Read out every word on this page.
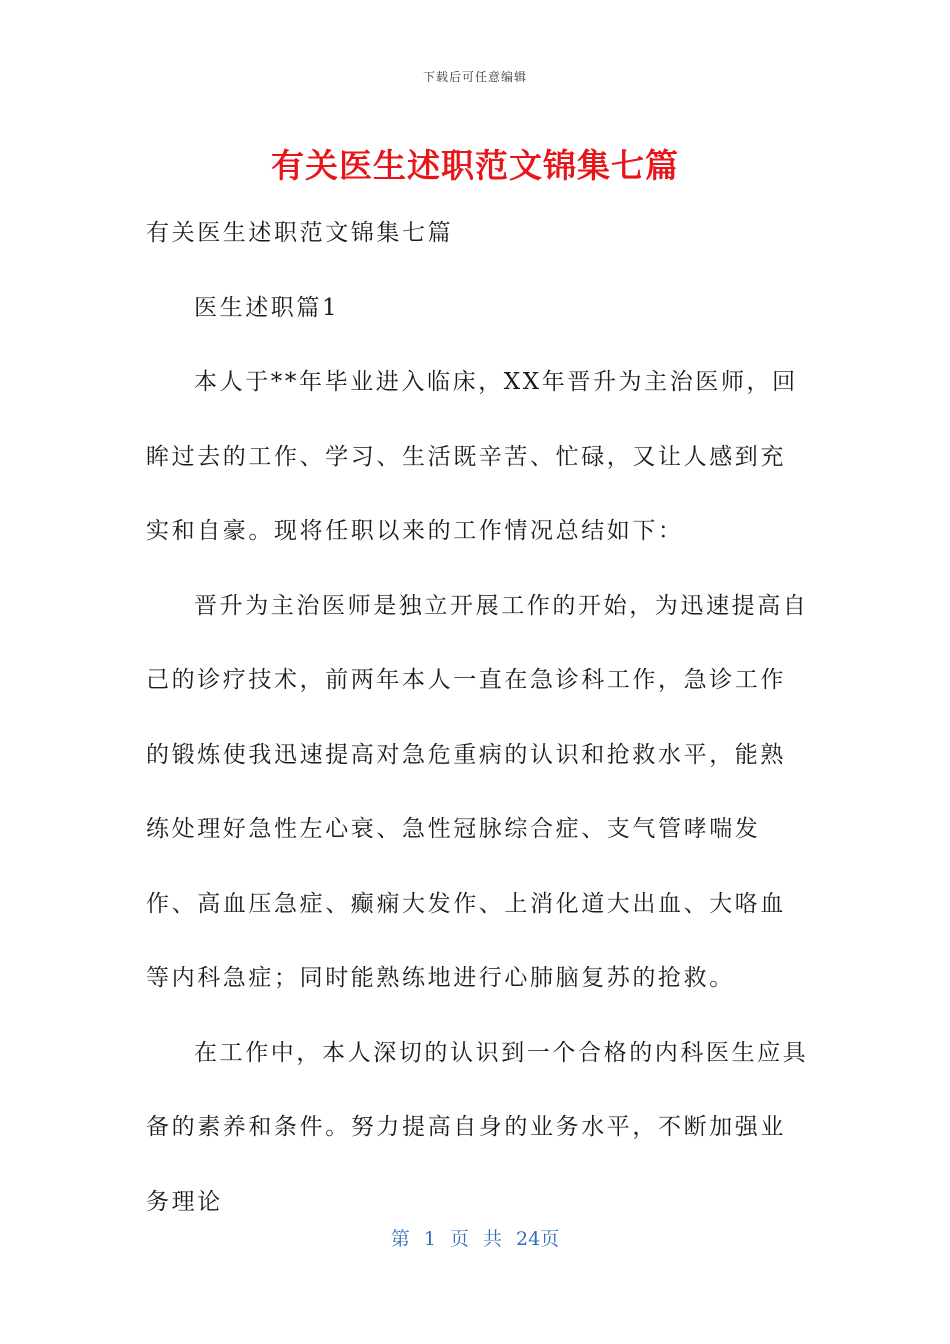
下载后可任意编辑
有关医生述职范文锦集七篇

有关医生述职范文锦集七篇

医生述职篇1

本人于**年毕业进入临床，XX年晋升为主治医师，回眸过去的工作、学习、生活既辛苦、忙碌，又让人感到充实和自豪。现将任职以来的工作情况总结如下：

晋升为主治医师是独立开展工作的开始，为迅速提高自己的诊疗技术，前两年本人一直在急诊科工作，急诊工作的锻炼使我迅速提高对急危重病的认识和抢救水平，能熟练处理好急性左心衰、急性冠脉综合症、支气管哮喘发作、高血压急症、癫痫大发作、上消化道大出血、大咯血等内科急症；同时能熟练地进行心肺脑复苏的抢救。

在工作中，本人深切的认识到一个合格的内科医生应具备的素养和条件。努力提高自身的业务水平，不断加强业务理论

第 1 页 共 24页
